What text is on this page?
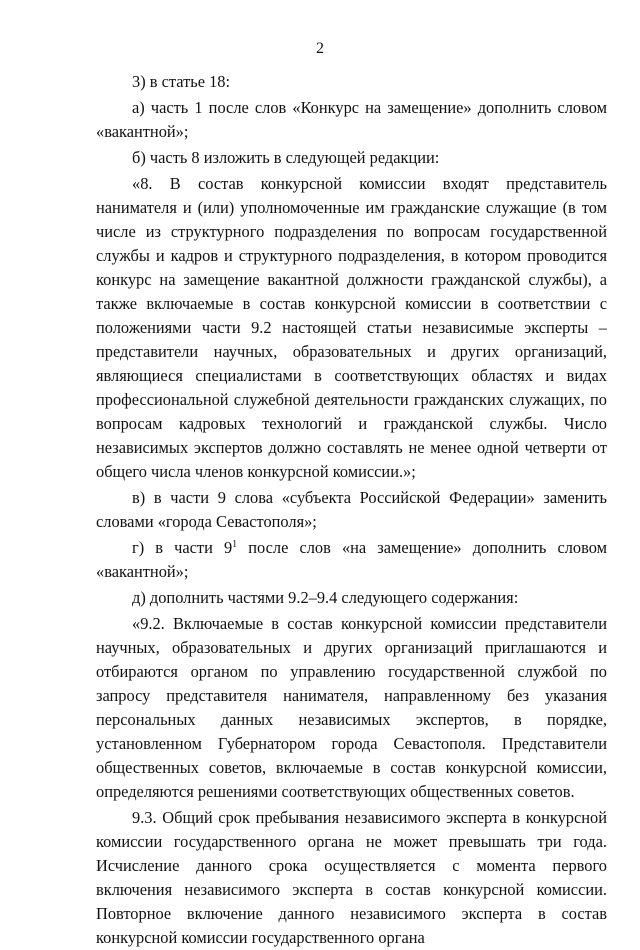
2

3) в статье 18:

а) часть 1 после слов «Конкурс на замещение» дополнить словом «вакантной»;

б) часть 8 изложить в следующей редакции:

«8. В состав конкурсной комиссии входят представитель нанимателя и (или) уполномоченные им гражданские служащие (в том числе из структурного подразделения по вопросам государственной службы и кадров и структурного подразделения, в котором проводится конкурс на замещение вакантной должности гражданской службы), а также включаемые в состав конкурсной комиссии в соответствии с положениями части 9.2 настоящей статьи независимые эксперты – представители научных, образовательных и других организаций, являющиеся специалистами в соответствующих областях и видах профессиональной служебной деятельности гражданских служащих, по вопросам кадровых технологий и гражданской службы. Число независимых экспертов должно составлять не менее одной четверти от общего числа членов конкурсной комиссии.»;

в) в части 9 слова «субъекта Российской Федерации» заменить словами «города Севастополя»;

г) в части $9^1$ после слов «на замещение» дополнить словом «вакантной»;

д) дополнить частями 9.2–9.4 следующего содержания:

«9.2. Включаемые в состав конкурсной комиссии представители научных, образовательных и других организаций приглашаются и отбираются органом по управлению государственной службой по запросу представителя нанимателя, направленному без указания персональных данных независимых экспертов, в порядке, установленном Губернатором города Севастополя. Представители общественных советов, включаемые в состав конкурсной комиссии, определяются решениями соответствующих общественных советов.

9.3. Общий срок пребывания независимого эксперта в конкурсной комиссии государственного органа не может превышать три года. Исчисление данного срока осуществляется с момента первого включения независимого эксперта в состав конкурсной комиссии. Повторное включение данного независимого эксперта в состав конкурсной комиссии государственного органа
